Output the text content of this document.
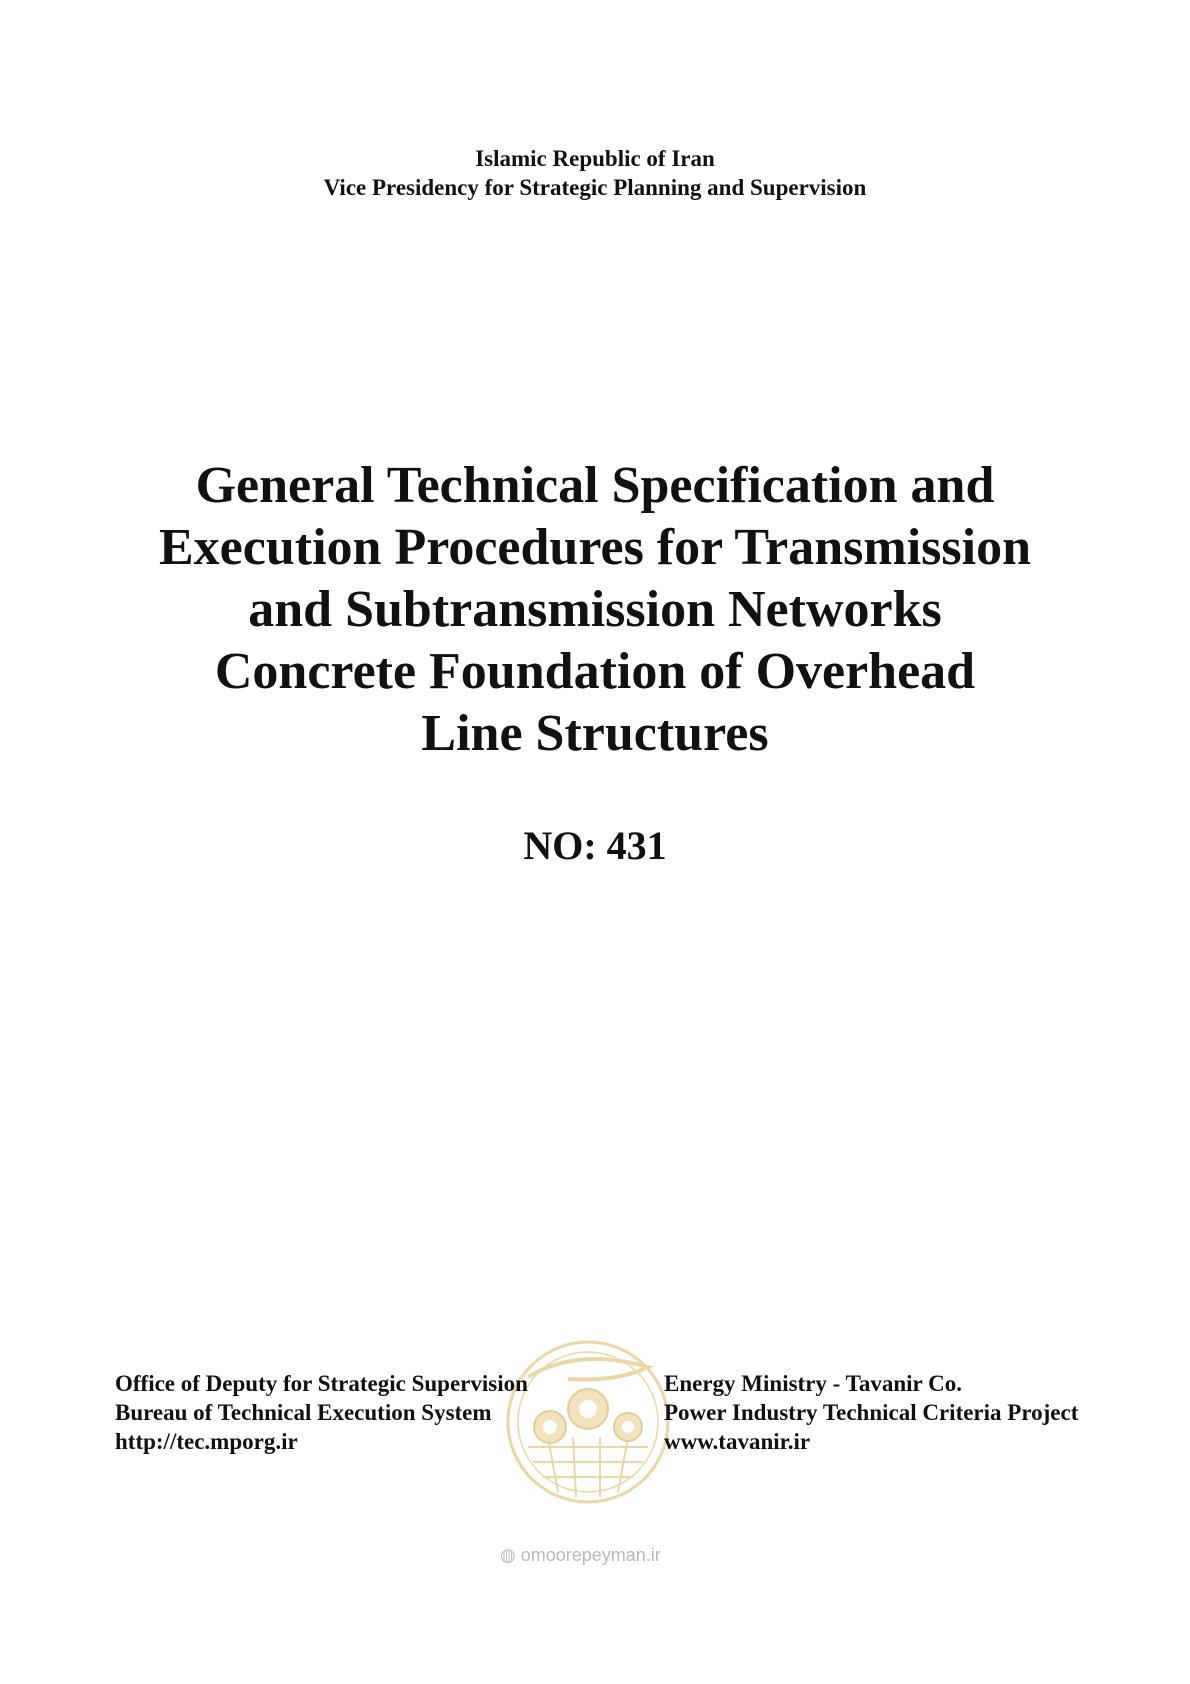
Islamic Republic of Iran
Vice Presidency for Strategic Planning and Supervision
General Technical Specification and
Execution Procedures for Transmission
and Subtransmission Networks
Concrete Foundation of Overhead
Line Structures
NO: 431
◍ omoorepeyman.ir
Office of Deputy for Strategic Supervision
Bureau of Technical Execution System
http://tec.mporg.ir
Energy Ministry - Tavanir Co.
Power Industry Technical Criteria Project
www.tavanir.ir
